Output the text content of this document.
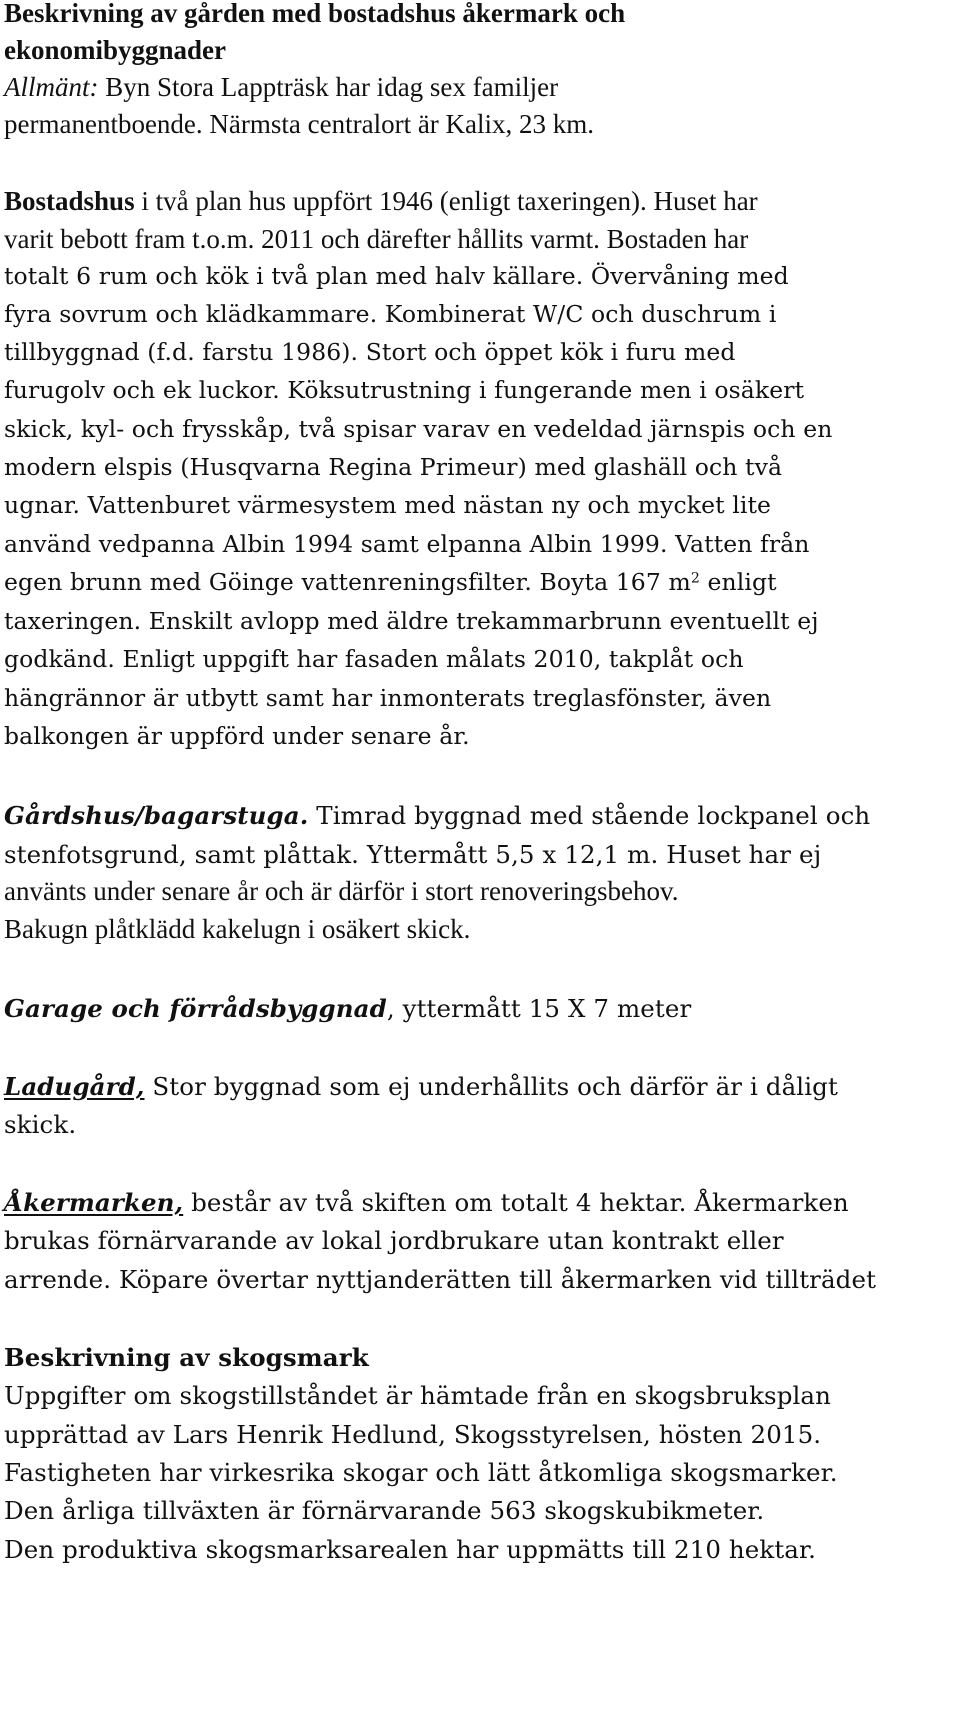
Beskrivning av gården med bostadshus åkermark och
ekonomibyggnader
Allmänt: Byn Stora Lappträsk har idag sex familjer
permanentboende. Närmsta centralort är Kalix, 23 km.
Bostadshus i två plan hus uppfört 1946 (enligt taxeringen). Huset har
varit bebott fram t.o.m. 2011 och därefter hållits varmt. Bostaden har
totalt 6 rum och kök i två plan med halv källare. Övervåning med
fyra sovrum och klädkammare. Kombinerat W/C och duschrum i
tillbyggnad (f.d. farstu 1986). Stort och öppet kök i furu med
furugolv och ek luckor. Köksutrustning i fungerande men i osäkert
skick, kyl- och frysskåp, två spisar varav en vedeldad järnspis och en
modern elspis (Husqvarna Regina Primeur) med glashäll och två
ugnar. Vattenburet värmesystem med nästan ny och mycket lite
använd vedpanna Albin 1994 samt elpanna Albin 1999. Vatten från
egen brunn med Göinge vattenreningsfilter. Boyta 167 $m^2$ enligt
taxeringen. Enskilt avlopp med äldre trekammarbrunn eventuellt ej
godkänd. Enligt uppgift har fasaden målats 2010, takplåt och
hängrännor är utbytt samt har inmonterats treglasfönster, även
balkongen är uppförd under senare år.
Gårdshus/bagarstuga. Timrad byggnad med stående lockpanel och
stenfotsgrund, samt plåttak. Yttermått 5,5 x 12,1 m. Huset har ej
använts under senare år och är därför i stort renoveringsbehov.
Bakugn plåtklädd kakelugn i osäkert skick.
Garage och förrådsbyggnad, yttermått 15 X 7 meter
Ladugård, Stor byggnad som ej underhållits och därför är i dåligt
skick.
Åkermarken, består av två skiften om totalt 4 hektar. Åkermarken
brukas förnärvarande av lokal jordbrukare utan kontrakt eller
arrende. Köpare övertar nyttjanderätten till åkermarken vid tillträdet
Beskrivning av skogsmark
Uppgifter om skogstillståndet är hämtade från en skogsbruksplan
upprättad av Lars Henrik Hedlund, Skogsstyrelsen, hösten 2015.
Fastigheten har virkesrika skogar och lätt åtkomliga skogsmarker.
Den årliga tillväxten är förnärvarande 563 skogskubikmeter.
Den produktiva skogsmarksarealen har uppmätts till 210 hektar.
